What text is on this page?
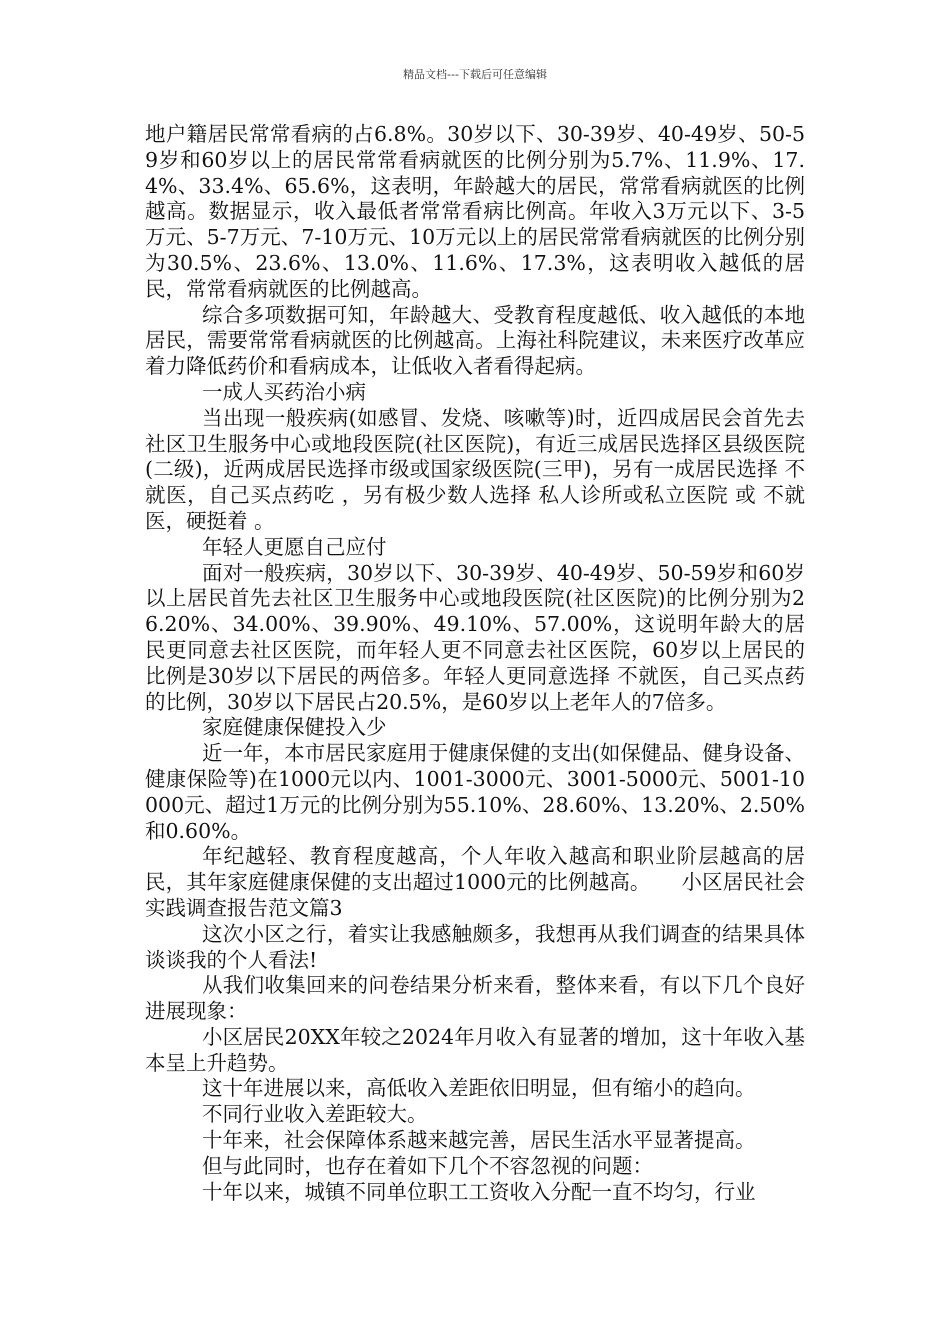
精品文档---下载后可任意编辑

地户籍居民常常看病的占6.8%。30岁以下、30-39岁、40-49岁、50-59岁和60岁以上的居民常常看病就医的比例分别为5.7%、11.9%、17.4%、33.4%、65.6%，这表明，年龄越大的居民，常常看病就医的比例越高。数据显示，收入最低者常常看病比例高。年收入3万元以下、3-5万元、5-7万元、7-10万元、10万元以上的居民常常看病就医的比例分别为30.5%、23.6%、13.0%、11.6%、17.3%，这表明收入越低的居民，常常看病就医的比例越高。

综合多项数据可知，年龄越大、受教育程度越低、收入越低的本地居民，需要常常看病就医的比例越高。上海社科院建议，未来医疗改革应着力降低药价和看病成本，让低收入者看得起病。

一成人买药治小病

当出现一般疾病(如感冒、发烧、咳嗽等)时，近四成居民会首先去社区卫生服务中心或地段医院(社区医院)，有近三成居民选择区县级医院(二级)，近两成居民选择市级或国家级医院(三甲)，另有一成居民选择 不就医，自己买点药吃 ，另有极少数人选择 私人诊所或私立医院 或 不就医，硬挺着 。

年轻人更愿自己应付

面对一般疾病，30岁以下、30-39岁、40-49岁、50-59岁和60岁以上居民首先去社区卫生服务中心或地段医院(社区医院)的比例分别为26.20%、34.00%、39.90%、49.10%、57.00%，这说明年龄大的居民更同意去社区医院，而年轻人更不同意去社区医院，60岁以上居民的比例是30岁以下居民的两倍多。年轻人更同意选择 不就医，自己买点药 的比例，30岁以下居民占20.5%，是60岁以上老年人的7倍多。

家庭健康保健投入少

近一年，本市居民家庭用于健康保健的支出(如保健品、健身设备、健康保险等)在1000元以内、1001-3000元、3001-5000元、5001-10000元、超过1万元的比例分别为55.10%、28.60%、13.20%、2.50%和0.60%。

年纪越轻、教育程度越高，个人年收入越高和职业阶层越高的居民，其年家庭健康保健的支出超过1000元的比例越高。　　小区居民社会实践调查报告范文篇3

这次小区之行，着实让我感触颇多，我想再从我们调查的结果具体谈谈我的个人看法!

从我们收集回来的问卷结果分析来看，整体来看，有以下几个良好进展现象：

小区居民20XX年较之2024年月收入有显著的增加，这十年收入基本呈上升趋势。

这十年进展以来，高低收入差距依旧明显，但有缩小的趋向。

不同行业收入差距较大。

十年来，社会保障体系越来越完善，居民生活水平显著提高。

但与此同时，也存在着如下几个不容忽视的问题：

十年以来，城镇不同单位职工工资收入分配一直不均匀，行业
